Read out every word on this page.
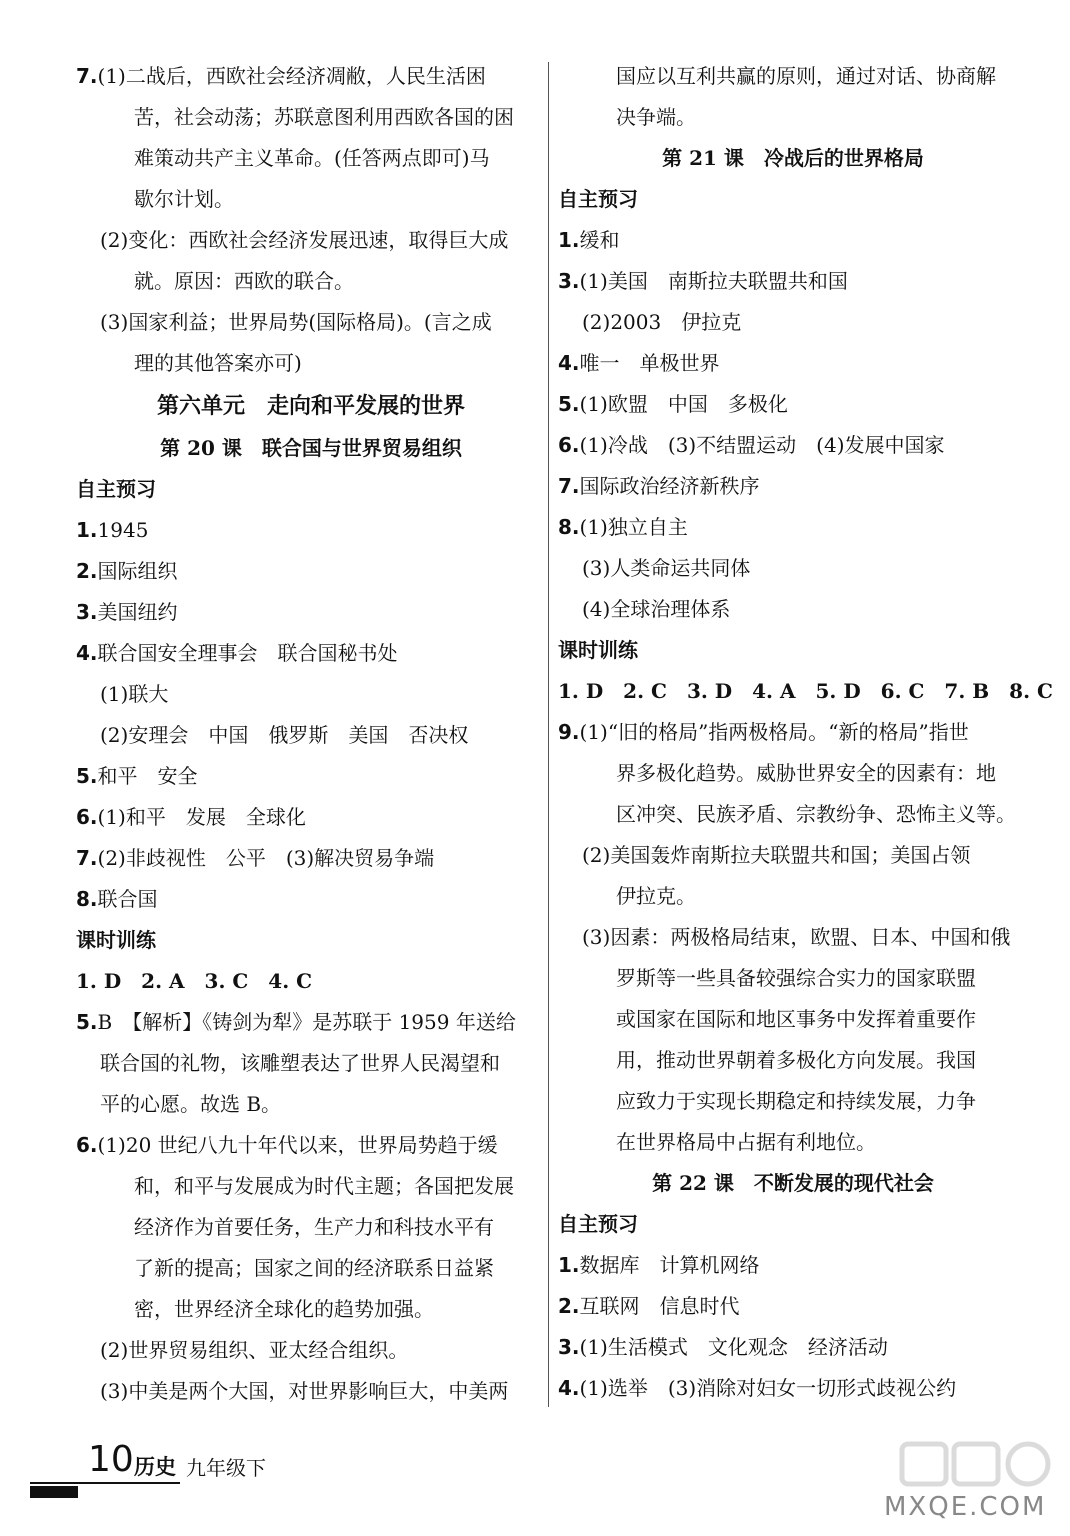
7.(1)二战后，西欧社会经济凋敝，人民生活困
苦，社会动荡；苏联意图利用西欧各国的困
难策动共产主义革命。(任答两点即可)马
歇尔计划。
(2)变化：西欧社会经济发展迅速，取得巨大成
就。原因：西欧的联合。
(3)国家利益；世界局势(国际格局)。(言之成
理的其他答案亦可)
第六单元　走向和平发展的世界
第 20 课　联合国与世界贸易组织
自主预习
1.1945
2.国际组织
3.美国纽约
4.联合国安全理事会　联合国秘书处
(1)联大
(2)安理会　中国　俄罗斯　美国　否决权
5.和平　安全
6.(1)和平　发展　全球化
7.(2)非歧视性　公平　(3)解决贸易争端
8.联合国
课时训练
1. D　2. A　3. C　4. C
5.B　【解析】《铸剑为犁》是苏联于 1959 年送给
联合国的礼物，该雕塑表达了世界人民渴望和
平的心愿。故选 B。
6.(1)20 世纪八九十年代以来，世界局势趋于缓
和，和平与发展成为时代主题；各国把发展
经济作为首要任务，生产力和科技水平有
了新的提高；国家之间的经济联系日益紧
密，世界经济全球化的趋势加强。
(2)世界贸易组织、亚太经合组织。
(3)中美是两个大国，对世界影响巨大，中美两
国应以互利共赢的原则，通过对话、协商解
决争端。
第 21 课　冷战后的世界格局
自主预习
1.缓和
3.(1)美国　南斯拉夫联盟共和国
(2)2003　伊拉克
4.唯一　单极世界
5.(1)欧盟　中国　多极化
6.(1)冷战　(3)不结盟运动　(4)发展中国家
7.国际政治经济新秩序
8.(1)独立自主
(3)人类命运共同体
(4)全球治理体系
课时训练
1. D　2. C　3. D　4. A　5. D　6. C　7. B　8. C
9.(1)“旧的格局”指两极格局。“新的格局”指世
界多极化趋势。威胁世界安全的因素有：地
区冲突、民族矛盾、宗教纷争、恐怖主义等。
(2)美国轰炸南斯拉夫联盟共和国；美国占领
伊拉克。
(3)因素：两极格局结束，欧盟、日本、中国和俄
罗斯等一些具备较强综合实力的国家联盟
或国家在国际和地区事务中发挥着重要作
用，推动世界朝着多极化方向发展。我国
应致力于实现长期稳定和持续发展，力争
在世界格局中占据有利地位。
第 22 课　不断发展的现代社会
自主预习
1.数据库　计算机网络
2.互联网　信息时代
3.(1)生活模式　文化观念　经济活动
4.(1)选举　(3)消除对妇女一切形式歧视公约
10 历史 九年级下
MXQE.COM
